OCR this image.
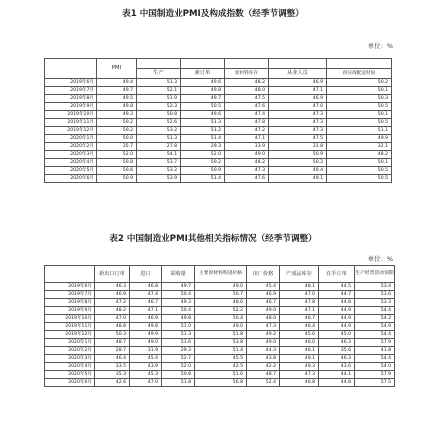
表1 中国制造业PMI及构成指数（经季节调整）
单位：%
	PMI					
		生产	新订单	原材料库存	从业人员	供应商配送时间
2019年6月	49.4	51.3	49.6	48.2	46.9	50.2
2019年7月	49.7	52.1	49.8	48.0	47.1	50.1
2019年8月	49.5	51.9	49.7	47.5	46.9	50.3
2019年9月	49.8	52.3	50.5	47.6	47.0	50.5
2019年10月	49.3	50.8	49.6	47.4	47.3	50.1
2019年11月	50.2	52.6	51.3	47.8	47.3	50.5
2019年12月	50.2	53.2	51.2	47.2	47.3	51.1
2020年1月	50.0	51.3	51.4	47.1	47.5	49.9
2020年2月	35.7	27.8	29.3	33.9	31.8	32.1
2020年3月	52.0	54.1	52.0	49.0	50.9	48.2
2020年4月	50.8	53.7	50.2	48.2	50.2	50.1
2020年5月	50.6	53.2	50.9	47.3	49.4	50.5
2020年6月	50.9	53.9	51.4	47.6	49.1	50.5
表2 中国制造业PMI其他相关指标情况（经季节调整）
单位：%
	新出口订单	进口	采购量	主要原材料购进价格	出厂价格	产成品库存	在手订单	生产经营活动预期
2019年6月	46.3	46.8	49.7	49.0	45.4	48.1	44.5	53.4
2019年7月	46.9	47.4	50.4	50.7	46.9	47.0	44.7	53.6
2019年8月	47.2	46.7	49.3	48.6	46.7	47.8	44.8	53.3
2019年9月	48.2	47.1	50.4	52.2	49.0	47.1	44.9	54.4
2019年10月	47.0	46.9	49.8	50.4	48.0	46.7	44.9	54.2
2019年11月	48.8	49.8	51.0	49.0	47.3	46.4	44.9	54.9
2019年12月	50.3	49.9	51.3	51.8	49.2	45.6	45.0	54.4
2020年1月	48.7	49.0	51.6	53.8	49.0	46.0	46.3	57.9
2020年2月	28.7	31.9	29.3	51.4	44.3	46.1	35.6	41.8
2020年3月	46.4	45.4	52.7	45.5	43.8	49.1	46.3	54.4
2020年4月	33.5	43.9	52.0	42.5	42.2	49.3	43.6	54.0
2020年5月	35.3	45.3	50.8	51.6	48.7	47.3	44.1	57.9
2020年6月	42.6	47.0	51.8	56.8	52.4	46.8	44.8	57.5
